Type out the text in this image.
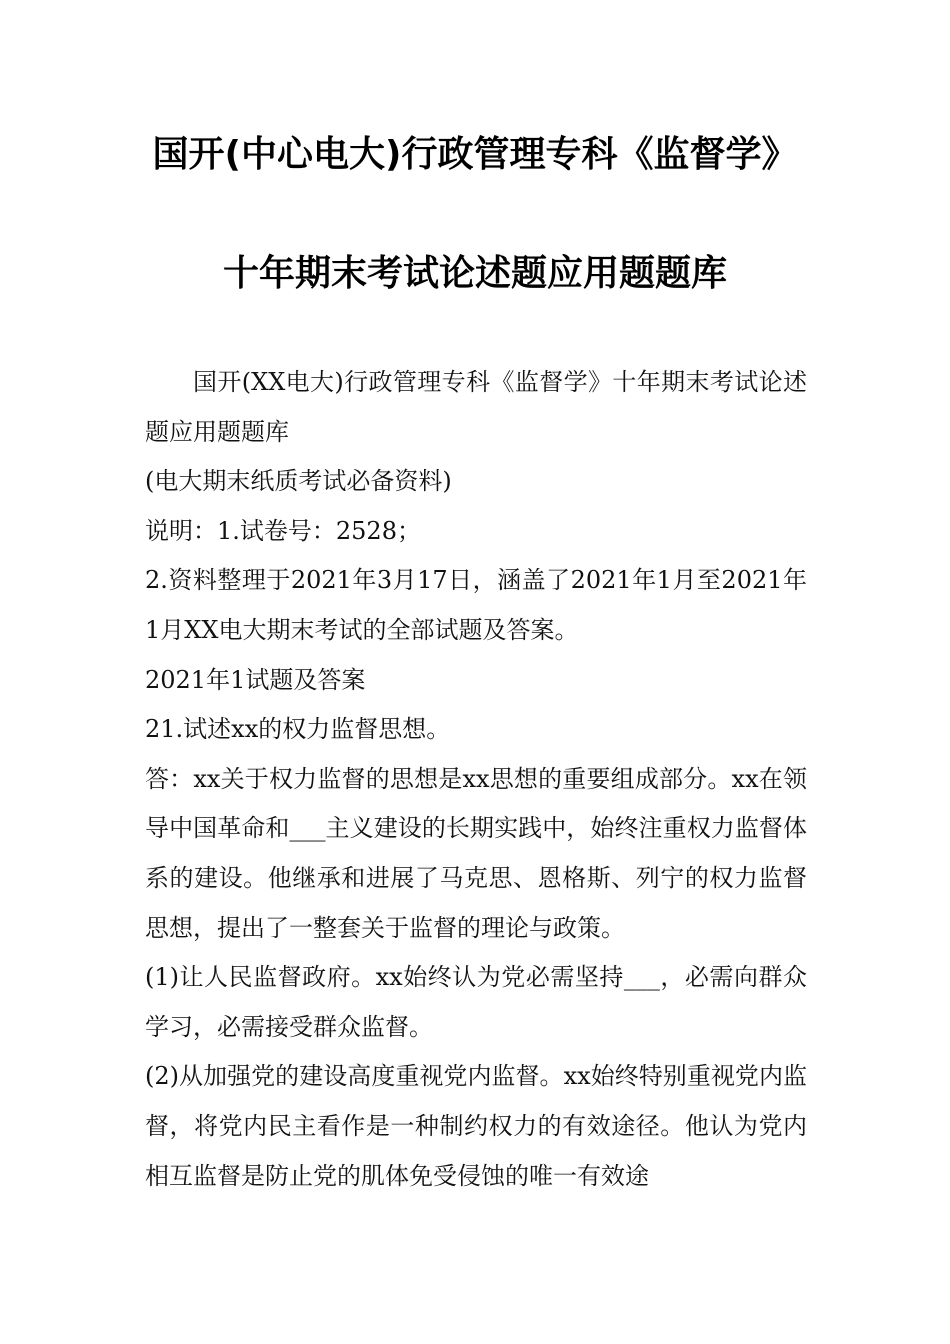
国开(中心电大)行政管理专科《监督学》
十年期末考试论述题应用题题库

国开(XX电大)行政管理专科《监督学》十年期末考试论述题应用题题库

(电大期末纸质考试必备资料)

说明：1.试卷号：2528；

2.资料整理于2021年3月17日，涵盖了2021年1月至2021年1月XX电大期末考试的全部试题及答案。

2021年1试题及答案

21.试述xx的权力监督思想。

答：xx关于权力监督的思想是xx思想的重要组成部分。xx在领导中国革命和___主义建设的长期实践中，始终注重权力监督体系的建设。他继承和进展了马克思、恩格斯、列宁的权力监督思想，提出了一整套关于监督的理论与政策。

(1)让人民监督政府。xx始终认为党必需坚持___，必需向群众学习，必需接受群众监督。

(2)从加强党的建设高度重视党内监督。xx始终特别重视党内监督，将党内民主看作是一种制约权力的有效途径。他认为党内相互监督是防止党的肌体免受侵蚀的唯一有效途
